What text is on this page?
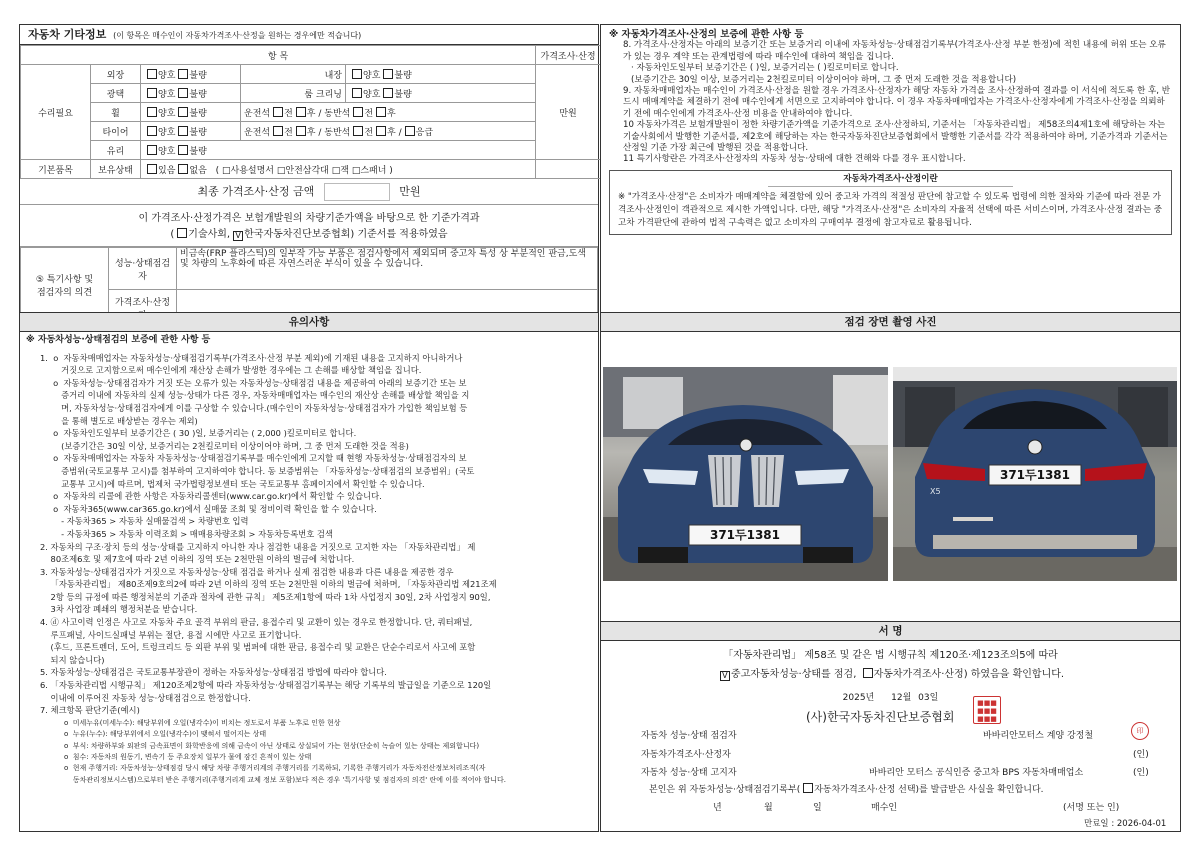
자동차 기타정보 (이 항목은 매수인이 자동차가격조사·산정을 원하는 경우에만 적습니다)
항 목					가격조사·산정
수리필요	외장	양호 불량	내장	양호 불량	만원
	광택	양호 불량	룸 크리닝	양호 불량	
	휠	양호 불량	운전석 전 후 / 동반석 전 후		
	타이어	양호 불량	운전석 전 후 / 동반석 전 후 / 응급		
	유리	양호 불량			
기본품목	보유상태	있음 없음 ( □사용설명서 □안전삼각대 □잭 □스패너 )			
최종 가격조사·산정 금액	만원
이 가격조사·산정가격은 보험개발원의 차량기준가액을 바탕으로 한 기준가격과
( 기술사회, V 한국자동차진단보증협회) 기준서를 적용하였음
⑤ 특기사항 및
점검자의 의견	성능·상태점검자	비금속(FRP 플라스틱)의 일부작 가능 부품은 점검사항에서 제외되며 중고차 특성 상 부분적인 판금,도색 및 차량의 노후화에 따른 자연스러운 부식이 있을 수 있습니다.
	가격조사·산정	
※ 자동차가격조사·산정의 보증에 관한 사항 등
8. 가격조사·산정자는 아래의 보증기간 또는 보증거리 이내에 자동차성능·상태점검기록부(가격조사·산정 부분 한정)에 적힌 내용에 허위 또는 오류가 있는 경우 계약 또는 관계법령에 따라 매수인에 대하여 책임을 집니다.
· 자동차인도일부터 보증기간은 ( )일, 보증거리는 ( )킬로미터로 합니다.
(보증기간은 30일 이상, 보증거리는 2천킬로미터 이상이어야 하며, 그 중 먼저 도래한 것을 적용합니다)
9. 자동차매매업자는 매수인이 가격조사·산정을 원할 경우 가격조사·산정자가 해당 자동차 가격을 조사·산정하여 결과를 이 서식에 적도록 한 후, 반드시 매매계약을 체결하기 전에 매수인에게 서면으로 고지하여야 합니다. 이 경우 자동차매매업자는 가격조사·산정자에게 가격조사·산정을 의뢰하기 전에 매수인에게 가격조사·산정 비용을 안내하여야 합니다.
10 자동차가격은 보험개발원이 정한 차량기준가액을 기준가격으로 조사·산정하되, 기준서는 「자동차관리법」 제58조의4제1호에 해당하는 자는 기술사회에서 발행한 기준서를, 제2호에 해당하는 자는 한국자동차진단보증협회에서 발행한 기준서를 각각 적용하여야 하며, 기준가격과 기준서는 산정일 기준 가장 최근에 발행된 것을 적용합니다.
11 특기사항란은 가격조사·산정자의 자동차 성능·상태에 대한 견해와 다를 경우 표시합니다.
자동차가격조사·산정이란
※ "가격조사·산정"은 소비자가 매매계약을 체결함에 있어 중고차 가격의 적절성 판단에 참고할 수 있도록 법령에 의한 절차와 기준에 따라 전문 가격조사·산정인이 객관적으로 제시한 가액입니다. 다만, 해당 "가격조사·산정"은 소비자의 자율적 선택에 따른 서비스이며, 가격조사·산정 결과는 중고차 가격판단에 관하여 법적 구속력은 없고 소비자의 구매여부 결정에 참고자료로 활용됩니다.
유의사항

※ 자동차성능·상태점검의 보증에 관한 사항 등

1.  o  자동차매매업자는 자동차성능·상태점검기록부(가격조사·산정 부분 제외)에 기재된 내용을 고지하지 아니하거나

거짓으로 고지함으로써 매수인에게 재산상 손해가 발생한 경우에는 그 손해를 배상할 책임을 집니다.

o  자동차성능·상태점검자가 거짓 또는 오류가 있는 자동차성능·상태점검 내용을 제공하여 아래의 보증기간 또는 보

증거리 이내에 자동차의 실제 성능·상태가 다른 경우, 자동차매매업자는 매수인의 재산상 손해를 배상할 책임을 지

며, 자동차성능·상태점검자에게 이를 구상할 수 있습니다.(매수인이 자동차성능·상태점검자가 가입한 책임보험 등

을 통해 별도로 배상받는 경우는 제외)

o  자동차인도일부터 보증기간은 ( 30 )일, 보증거리는 ( 2,000 )킬로미터로 합니다.

(보증기간은 30일 이상, 보증거리는 2천킬로미터 이상이어야 하며, 그 중 먼저 도래한 것을 적용)

o  자동차매매업자는 자동차 자동차성능·상태점검기록부를 매수인에게 고지할 때 현행 자동차성능·상태점검자의 보

증범위(국토교통부 고시)를 첨부하여 고지하여야 합니다. 동 보증범위는 「자동차성능·상태점검의 보증범위」(국토

교통부 고시)에 따르며, 법제처 국가법령정보센터 또는 국토교통부 홈페이지에서 확인할 수 있습니다.

o  자동차의 리콜에 관한 사항은 자동차리콜센터(www.car.go.kr)에서 확인할 수 있습니다.

o  자동차365(www.car365.go.kr)에서 실매물 조회 및 정비이력 확인을 할 수 있습니다.

- 자동차365 > 자동차 실매물검색 > 차량번호 입력

- 자동차365 > 자동차 이력조회 > 매매용차량조회 > 자동차등록번호 검색

2. 자동차의 구조·장치 등의 성능·상태를 고지하지 아니한 자나 점검한 내용을 거짓으로 고지한 자는 「자동차관리법」 제

80조제6호 및 제7호에 따라 2년 이하의 징역 또는 2천만원 이하의 벌금에 처합니다.

3. 자동차성능·상태점검자가 거짓으로 자동차성능·상태 점검을 하거나 실제 점검한 내용과 다른 내용을 제공한 경우

「자동차관리법」 제80조제9호의2에 따라 2년 이하의 징역 또는 2천만원 이하의 벌금에 처하며, 「자동차관리법 제21조제

2항 등의 규정에 따른 행정처분의 기준과 절차에 관한 규칙」 제5조제1항에 따라 1차 사업정지 30일, 2차 사업정지 90일,

3차 사업장 폐쇄의 행정처분을 받습니다.

4. ⓓ 사고이력 인정은 사고로 자동차 주요 골격 부위의 판금, 용접수리 및 교환이 있는 경우로 한정합니다. 단, 쿼터패널,

루프패널, 사이드실패널 부위는 절단, 용접 시에만 사고로 표기합니다.

(후드, 프론트펜더, 도어, 트렁크리드 등 외판 부위 및 범퍼에 대한 판금, 용접수리 및 교환은 단순수리로서 사고에 포함

되지 않습니다)

5. 자동차성능·상태점검은 국토교통부장관이 정하는 자동차성능·상태점검 방법에 따라야 합니다.

6. 「자동차관리법 시행규칙」 제120조제2항에 따라 자동차성능·상태점검기록부는 해당 기록부의 발급일을 기준으로 120일

이내에 이루어진 자동차 성능·상태점검으로 한정합니다.

7. 체크항목 판단기준(예시)

o  미세누유(미세누수): 해당부위에 오일(냉각수)이 비치는 정도로서 부품 노후로 인한 현상

o  누유(누수): 해당부위에서 오일(냉각수)이 맺혀서 떨어지는 상태

o  부식: 차량하부와 외판의 금속표면이 화학반응에 의해 금속이 아닌 상태로 상실되어 가는 현상(단순히 녹슬어 있는 상태는 제외합니다)

o  침수: 자동차의 원동기, 변속기 등 주요장치 일부가 물에 잠긴 흔적이 있는 상태

o  현재 주행거리: 자동차성능·상태점검 당시 해당 차량 주행거리계의 주행거리를 기록하되, 기록한 주행거리가 자동차전산정보처리조직(자

동차관리정보시스템)으로부터 받은 주행거리(주행거리계 교체 정보 포함)보다 적은 경우 '특기사항 및 점검자의 의견' 란에 이를 적어야 합니다.

점검 장면 촬영 사진
371두1381
371두1381
X5
서 명
「자동차관리법」 제58조 및 같은 법 시행규칙 제120조·제123조의5에 따라
V 중고자동차성능·상태를 점검, 자동차가격조사·산정) 하였음을 확인합니다.
2025년 12월 03일
(사)한국자동차진단보증협회
■■■
■■■
■■■
자동차 성능·상태 점검자	바바리안모터스 계양 강정철	印
자동차가격조사·산정자	(인)
자동차 성능·상태 고지자	바바리안 모터스 공식인증 중고차 BPS 자동차매매업소	(인)
본인은 위 자동차성능·상태점검기록부( 자동차가격조사·산정 선택)를 발급받은 사실을 확인합니다.
년	월	일	매수인	(서명 또는 인)
만료일 : 2026-04-01
